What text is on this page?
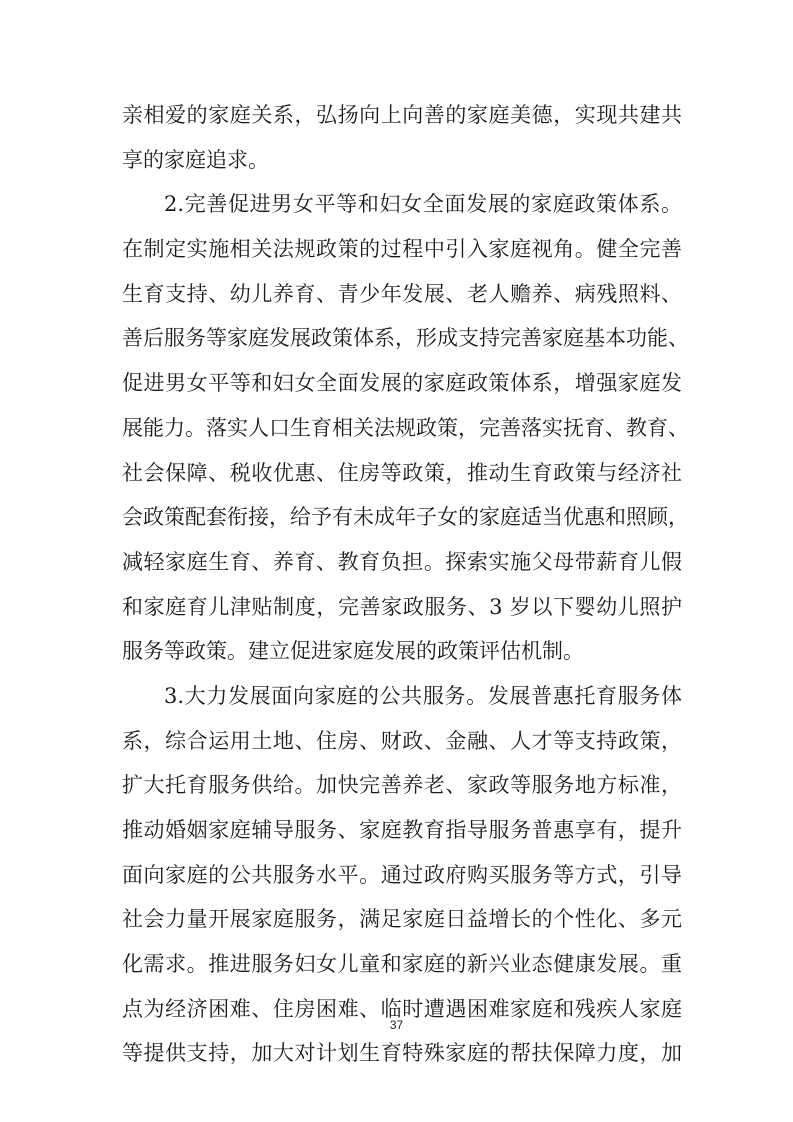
亲相爱的家庭关系，弘扬向上向善的家庭美德，实现共建共
享的家庭追求。
2.完善促进男女平等和妇女全面发展的家庭政策体系。
在制定实施相关法规政策的过程中引入家庭视角。健全完善
生育支持、幼儿养育、青少年发展、老人赡养、病残照料、
善后服务等家庭发展政策体系，形成支持完善家庭基本功能、
促进男女平等和妇女全面发展的家庭政策体系，增强家庭发
展能力。落实人口生育相关法规政策，完善落实抚育、教育、
社会保障、税收优惠、住房等政策，推动生育政策与经济社
会政策配套衔接，给予有未成年子女的家庭适当优惠和照顾，
减轻家庭生育、养育、教育负担。探索实施父母带薪育儿假
和家庭育儿津贴制度，完善家政服务、3 岁以下婴幼儿照护
服务等政策。建立促进家庭发展的政策评估机制。
3.大力发展面向家庭的公共服务。发展普惠托育服务体
系，综合运用土地、住房、财政、金融、人才等支持政策，
扩大托育服务供给。加快完善养老、家政等服务地方标准，
推动婚姻家庭辅导服务、家庭教育指导服务普惠享有，提升
面向家庭的公共服务水平。通过政府购买服务等方式，引导
社会力量开展家庭服务，满足家庭日益增长的个性化、多元
化需求。推进服务妇女儿童和家庭的新兴业态健康发展。重
点为经济困难、住房困难、临时遭遇困难家庭和残疾人家庭
等提供支持，加大对计划生育特殊家庭的帮扶保障力度，加
37
